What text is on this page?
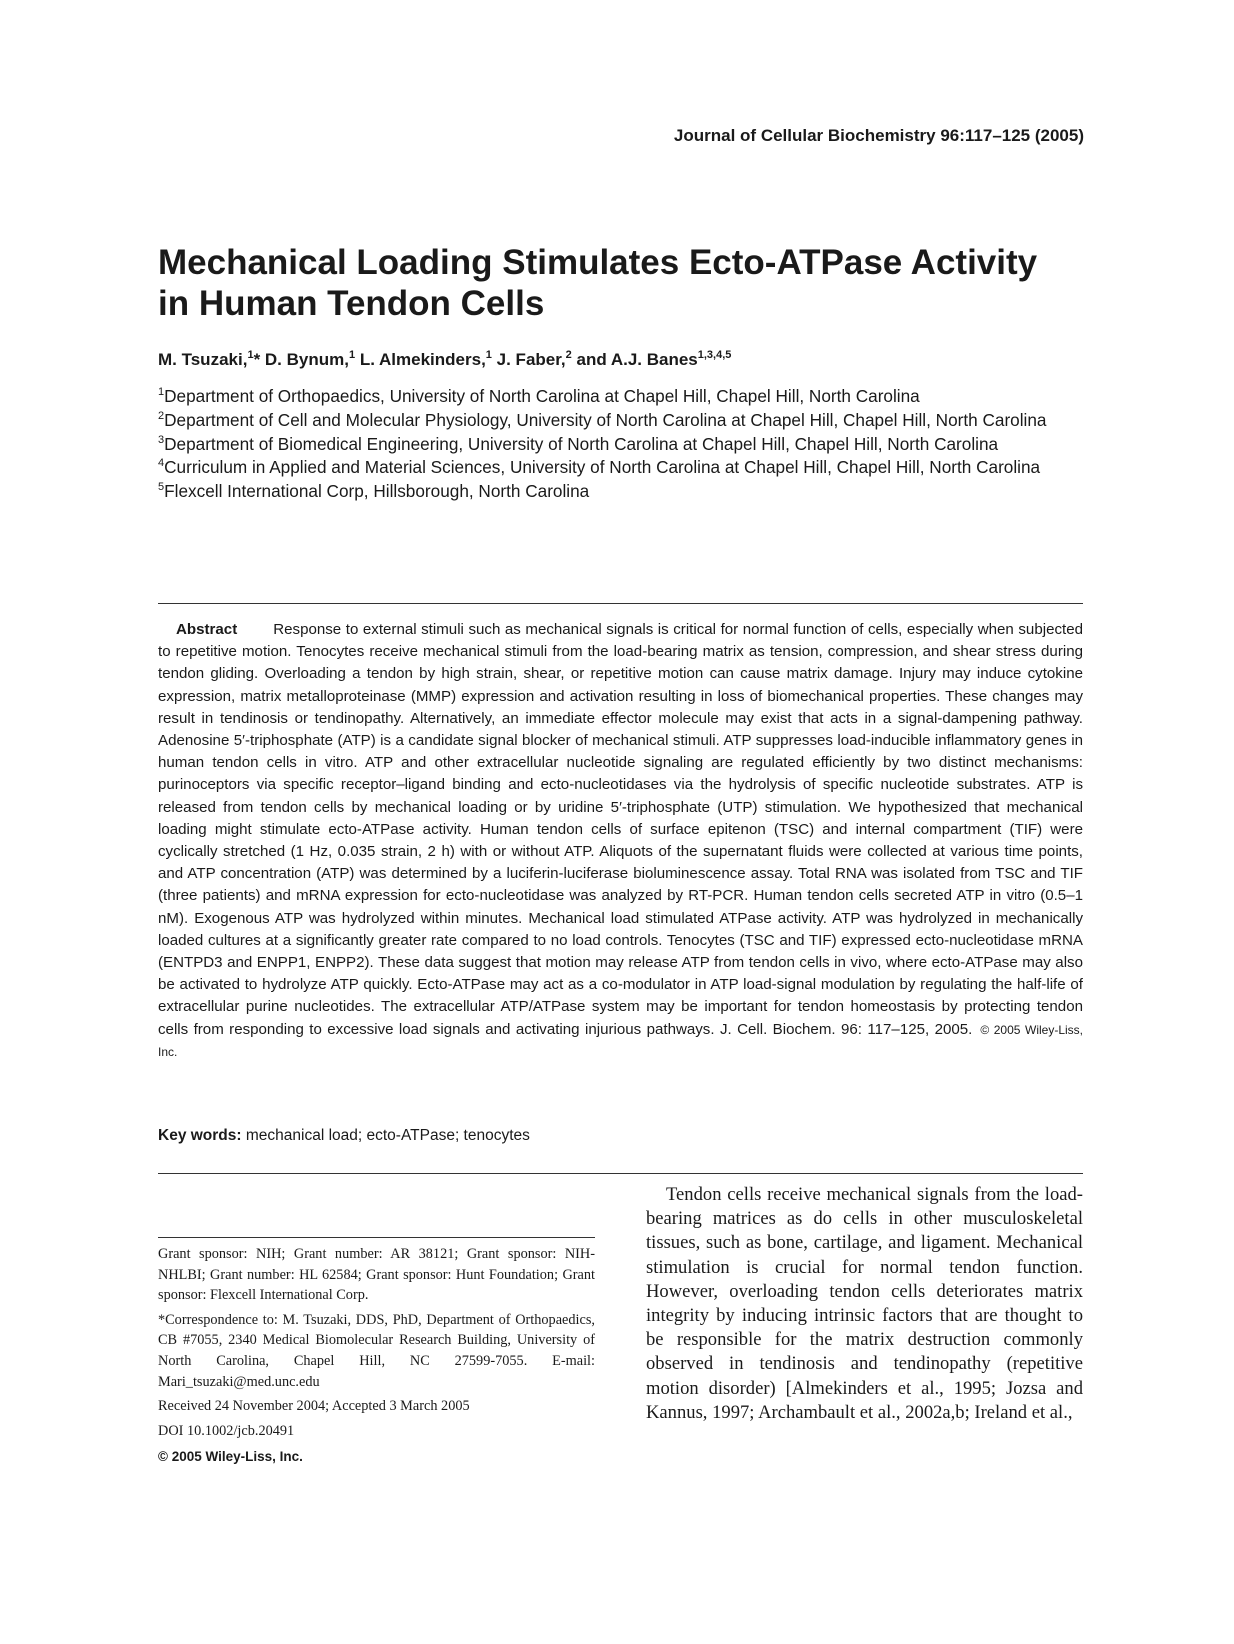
Journal of Cellular Biochemistry 96:117–125 (2005)
Mechanical Loading Stimulates Ecto-ATPase Activity in Human Tendon Cells
M. Tsuzaki,$^1$* D. Bynum,$^1$ L. Almekinders,$^1$ J. Faber,$^2$ and A.J. Banes$^{1,3,4,5}$
$^1$Department of Orthopaedics, University of North Carolina at Chapel Hill, Chapel Hill, North Carolina
$^2$Department of Cell and Molecular Physiology, University of North Carolina at Chapel Hill, Chapel Hill, North Carolina
$^3$Department of Biomedical Engineering, University of North Carolina at Chapel Hill, Chapel Hill, North Carolina
$^4$Curriculum in Applied and Material Sciences, University of North Carolina at Chapel Hill, Chapel Hill, North Carolina
$^5$Flexcell International Corp, Hillsborough, North Carolina
Abstract Response to external stimuli such as mechanical signals is critical for normal function of cells, especially when subjected to repetitive motion. Tenocytes receive mechanical stimuli from the load-bearing matrix as tension, compression, and shear stress during tendon gliding. Overloading a tendon by high strain, shear, or repetitive motion can cause matrix damage. Injury may induce cytokine expression, matrix metalloproteinase (MMP) expression and activation resulting in loss of biomechanical properties. These changes may result in tendinosis or tendinopathy. Alternatively, an immediate effector molecule may exist that acts in a signal-dampening pathway. Adenosine 5′-triphosphate (ATP) is a candidate signal blocker of mechanical stimuli. ATP suppresses load-inducible inflammatory genes in human tendon cells in vitro. ATP and other extracellular nucleotide signaling are regulated efficiently by two distinct mechanisms: purinoceptors via specific receptor–ligand binding and ecto-nucleotidases via the hydrolysis of specific nucleotide substrates. ATP is released from tendon cells by mechanical loading or by uridine 5′-triphosphate (UTP) stimulation. We hypothesized that mechanical loading might stimulate ecto-ATPase activity. Human tendon cells of surface epitenon (TSC) and internal compartment (TIF) were cyclically stretched (1 Hz, 0.035 strain, 2 h) with or without ATP. Aliquots of the supernatant fluids were collected at various time points, and ATP concentration (ATP) was determined by a luciferin-luciferase bioluminescence assay. Total RNA was isolated from TSC and TIF (three patients) and mRNA expression for ecto-nucleotidase was analyzed by RT-PCR. Human tendon cells secreted ATP in vitro (0.5–1 nM). Exogenous ATP was hydrolyzed within minutes. Mechanical load stimulated ATPase activity. ATP was hydrolyzed in mechanically loaded cultures at a significantly greater rate compared to no load controls. Tenocytes (TSC and TIF) expressed ecto-nucleotidase mRNA (ENTPD3 and ENPP1, ENPP2). These data suggest that motion may release ATP from tendon cells in vivo, where ecto-ATPase may also be activated to hydrolyze ATP quickly. Ecto-ATPase may act as a co-modulator in ATP load-signal modulation by regulating the half-life of extracellular purine nucleotides. The extracellular ATP/ATPase system may be important for tendon homeostasis by protecting tendon cells from responding to excessive load signals and activating injurious pathways. J. Cell. Biochem. 96: 117–125, 2005. © 2005 Wiley-Liss, Inc.
Key words: mechanical load; ecto-ATPase; tenocytes

Grant sponsor: NIH; Grant number: AR 38121; Grant sponsor: NIH-NHLBI; Grant number: HL 62584; Grant sponsor: Hunt Foundation; Grant sponsor: Flexcell International Corp.

*Correspondence to: M. Tsuzaki, DDS, PhD, Department of Orthopaedics, CB #7055, 2340 Medical Biomolecular Research Building, University of North Carolina, Chapel Hill, NC 27599-7055. E-mail: Mari_tsuzaki@med.unc.edu

Received 24 November 2004; Accepted 3 March 2005

DOI 10.1002/jcb.20491

© 2005 Wiley-Liss, Inc.

Tendon cells receive mechanical signals from the load-bearing matrices as do cells in other musculoskeletal tissues, such as bone, cartilage, and ligament. Mechanical stimulation is crucial for normal tendon function. However, overloading tendon cells deteriorates matrix integrity by inducing intrinsic factors that are thought to be responsible for the matrix destruction commonly observed in tendinosis and tendinopathy (repetitive motion disorder) [Almekinders et al., 1995; Jozsa and Kannus, 1997; Archambault et al., 2002a,b; Ireland et al.,
